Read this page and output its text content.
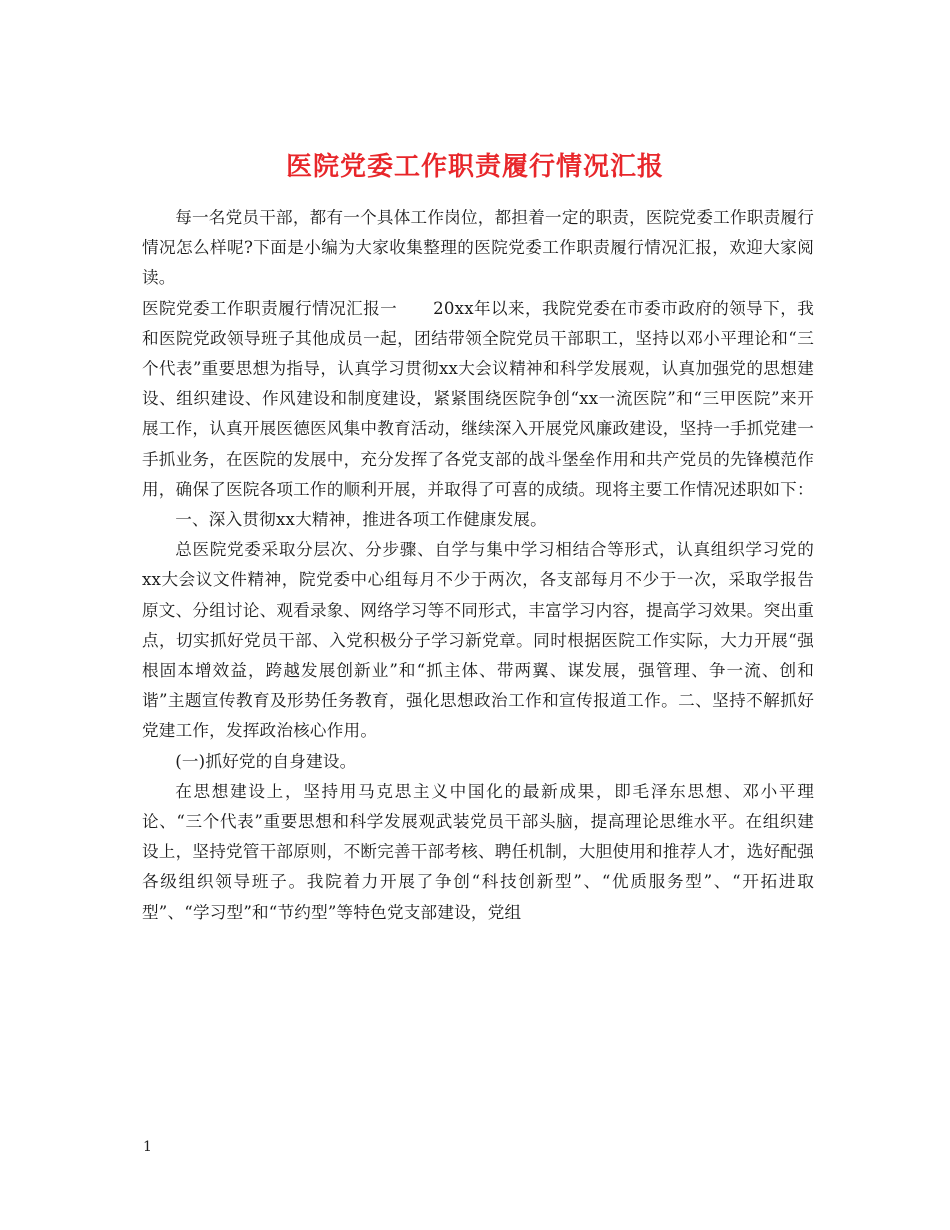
医院党委工作职责履行情况汇报

每一名党员干部，都有一个具体工作岗位，都担着一定的职责，医院党委工作职责履行情况怎么样呢?下面是小编为大家收集整理的医院党委工作职责履行情况汇报，欢迎大家阅读。

医院党委工作职责履行情况汇报一 20xx年以来，我院党委在市委市政府的领导下，我和医院党政领导班子其他成员一起，团结带领全院党员干部职工，坚持以邓小平理论和“三个代表”重要思想为指导，认真学习贯彻xx大会议精神和科学发展观，认真加强党的思想建设、组织建设、作风建设和制度建设，紧紧围绕医院争创“xx一流医院”和“三甲医院”来开展工作，认真开展医德医风集中教育活动，继续深入开展党风廉政建设，坚持一手抓党建一手抓业务，在医院的发展中，充分发挥了各党支部的战斗堡垒作用和共产党员的先锋模范作用，确保了医院各项工作的顺利开展，并取得了可喜的成绩。现将主要工作情况述职如下：

一、深入贯彻xx大精神，推进各项工作健康发展。

总医院党委采取分层次、分步骤、自学与集中学习相结合等形式，认真组织学习党的xx大会议文件精神，院党委中心组每月不少于两次，各支部每月不少于一次，采取学报告原文、分组讨论、观看录象、网络学习等不同形式，丰富学习内容，提高学习效果。突出重点，切实抓好党员干部、入党积极分子学习新党章。同时根据医院工作实际，大力开展“强根固本增效益，跨越发展创新业”和“抓主体、带两翼、谋发展，强管理、争一流、创和谐”主题宣传教育及形势任务教育，强化思想政治工作和宣传报道工作。二、坚持不解抓好党建工作，发挥政治核心作用。

(一)抓好党的自身建设。

在思想建设上，坚持用马克思主义中国化的最新成果，即毛泽东思想、邓小平理论、“三个代表”重要思想和科学发展观武装党员干部头脑，提高理论思维水平。在组织建设上，坚持党管干部原则，不断完善干部考核、聘任机制，大胆使用和推荐人才，选好配强各级组织领导班子。我院着力开展了争创“科技创新型”、“优质服务型”、“开拓进取型”、“学习型”和“节约型”等特色党支部建设，党组

1
